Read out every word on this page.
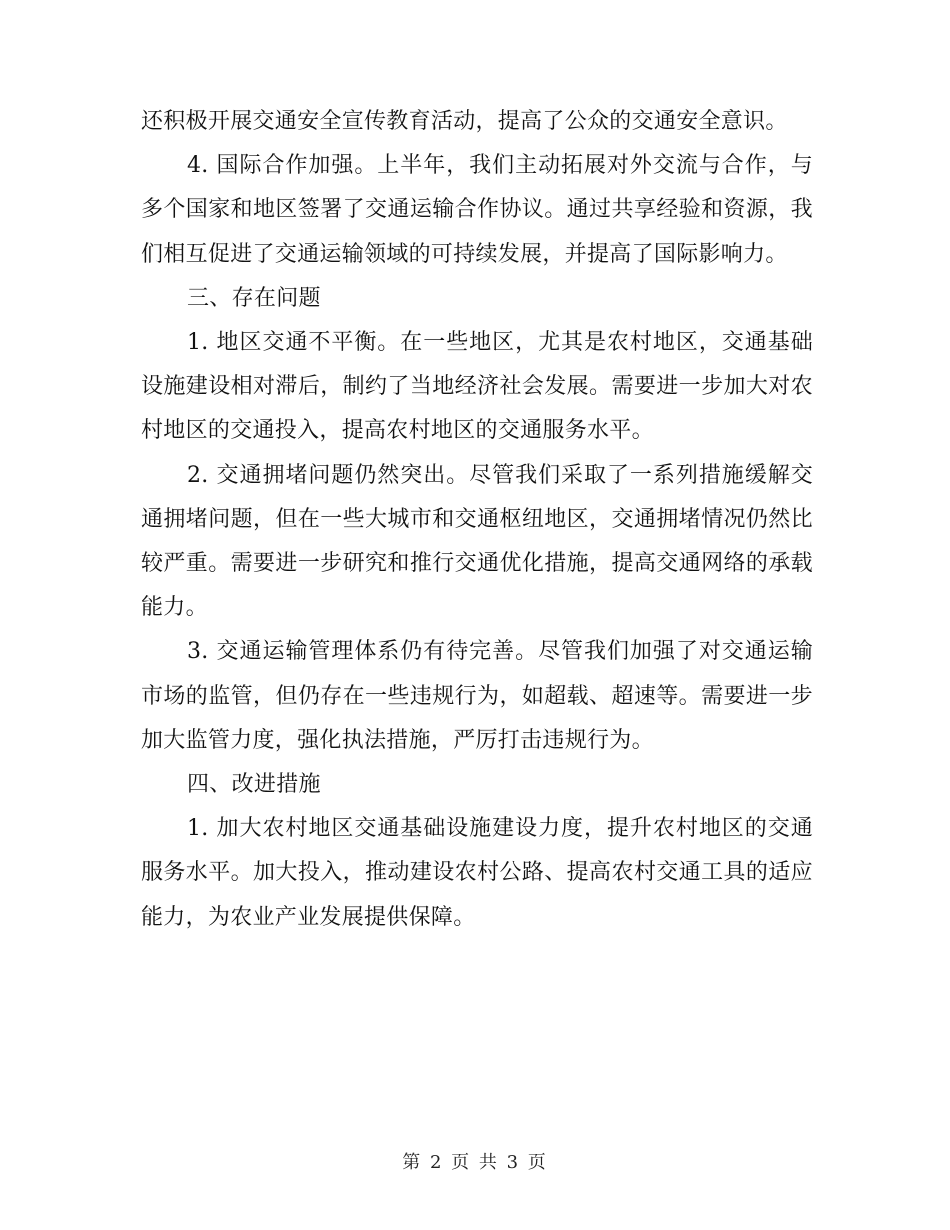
还积极开展交通安全宣传教育活动，提高了公众的交通安全意识。

4. 国际合作加强。上半年，我们主动拓展对外交流与合作，与多个国家和地区签署了交通运输合作协议。通过共享经验和资源，我们相互促进了交通运输领域的可持续发展，并提高了国际影响力。

三、存在问题

1. 地区交通不平衡。在一些地区，尤其是农村地区，交通基础设施建设相对滞后，制约了当地经济社会发展。需要进一步加大对农村地区的交通投入，提高农村地区的交通服务水平。

2. 交通拥堵问题仍然突出。尽管我们采取了一系列措施缓解交通拥堵问题，但在一些大城市和交通枢纽地区，交通拥堵情况仍然比较严重。需要进一步研究和推行交通优化措施，提高交通网络的承载能力。

3. 交通运输管理体系仍有待完善。尽管我们加强了对交通运输市场的监管，但仍存在一些违规行为，如超载、超速等。需要进一步加大监管力度，强化执法措施，严厉打击违规行为。

四、改进措施

1. 加大农村地区交通基础设施建设力度，提升农村地区的交通服务水平。加大投入，推动建设农村公路、提高农村交通工具的适应能力，为农业产业发展提供保障。

第 2 页 共 3 页
